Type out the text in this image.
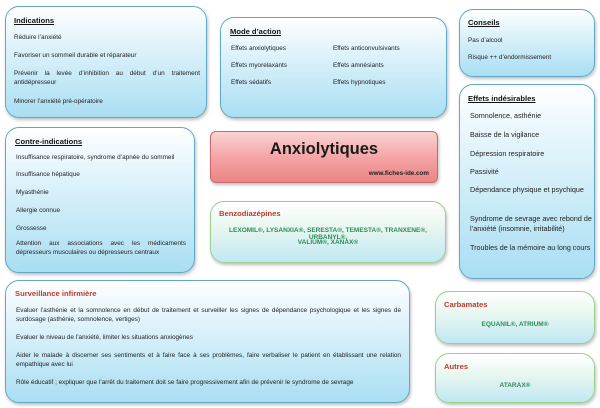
Indications
Réduire l’anxiété
Favoriser un sommeil durable et réparateur
Prévenir la levée d’inhibition au début d’un traitement antidépresseur
Minorer l’anxiété pré-opératoire
Mode d’action
Effets anxiolytiques
Effets myorelaxants
Effets sédatifs
Effets anticonvulsivants
Effets amnésiants
Effets hypnotiques
Conseils
Pas d’alcool
Risque ++ d’endormissement
Effets indésirables
Somnolence, asthénie
Baisse de la vigilance
Dépression respiratoire
Passivité
Dépendance physique et psychique
Syndrome de sevrage avec rebond de l’anxiété (insomnie, irritabilité)
Troubles de la mémoire au long cours
Contre-indications
Insuffisance respiratoire, syndrome d’apnée du sommeil
Insuffisance hépatique
Myasthénie
Allergie connue
Grossesse
Attention aux associations avec les médicaments dépresseurs musculaires ou dépresseurs centraux
Anxiolytiques
www.fiches-ide.com
Benzodiazépines
LEXOMIL®, LYSANXIA®, SERESTA®, TEMESTA®, TRANXENE®, URBANYL®,
VALIUM®, XANAX®
Surveillance infirmière
Evaluer l’asthénie et la somnolence en début de traitement et surveiller les signes de dépendance psychologique et les signes de surdosage (asthénie, somnolence, vertiges)
Evaluer le niveau de l’anxiété, limiter les situations anxiogènes
Aider le malade à discerner ses sentiments et à faire face à ses problèmes, faire verbaliser le patient en établissant une relation empathique avec lui
Rôle éducatif ; expliquer que l’arrêt du traitement doit se faire progressivement afin de prévenir le syndrome de sevrage
Carbamates
EQUANIL®, ATRIUM®
Autres
ATARAX®
